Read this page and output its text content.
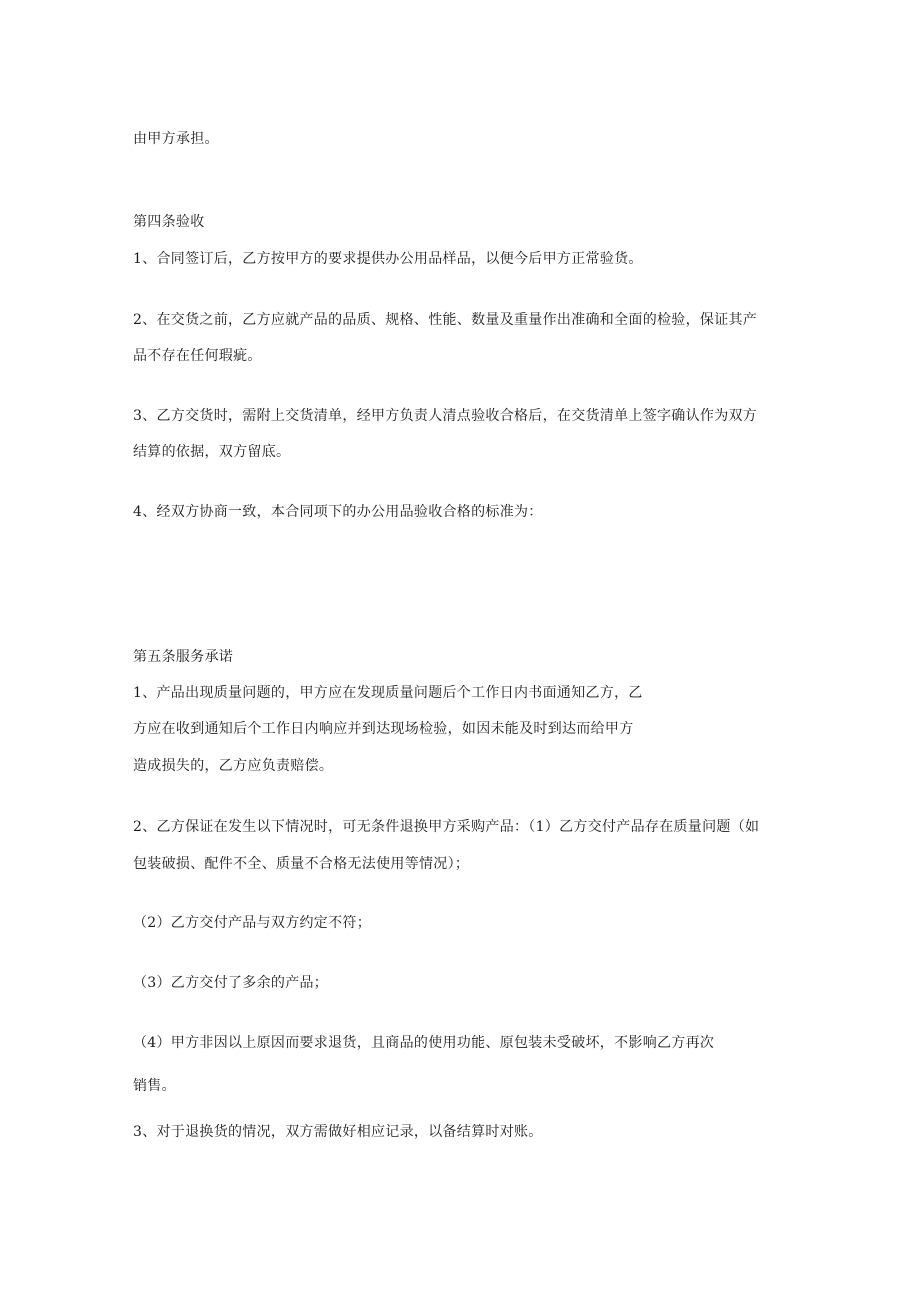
由甲方承担。
第四条验收
1、合同签订后，乙方按甲方的要求提供办公用品样品，以便今后甲方正常验货。
2、在交货之前，乙方应就产品的品质、规格、性能、数量及重量作出准确和全面的检验，保证其产
品不存在任何瑕疵。
3、乙方交货时，需附上交货清单，经甲方负责人清点验收合格后，在交货清单上签字确认作为双方
结算的依据，双方留底。
4、经双方协商一致，本合同项下的办公用品验收合格的标准为：
第五条服务承诺
1、产品出现质量问题的，甲方应在发现质量问题后个工作日内书面通知乙方，乙
方应在收到通知后个工作日内响应并到达现场检验，如因未能及时到达而给甲方
造成损失的，乙方应负责赔偿。
2、乙方保证在发生以下情况时，可无条件退换甲方采购产品：（1）乙方交付产品存在质量问题（如
包装破损、配件不全、质量不合格无法使用等情况）；
（2）乙方交付产品与双方约定不符；
（3）乙方交付了多余的产品；
（4）甲方非因以上原因而要求退货，且商品的使用功能、原包装未受破坏，不影响乙方再次
销售。
3、对于退换货的情况，双方需做好相应记录，以备结算时对账。
